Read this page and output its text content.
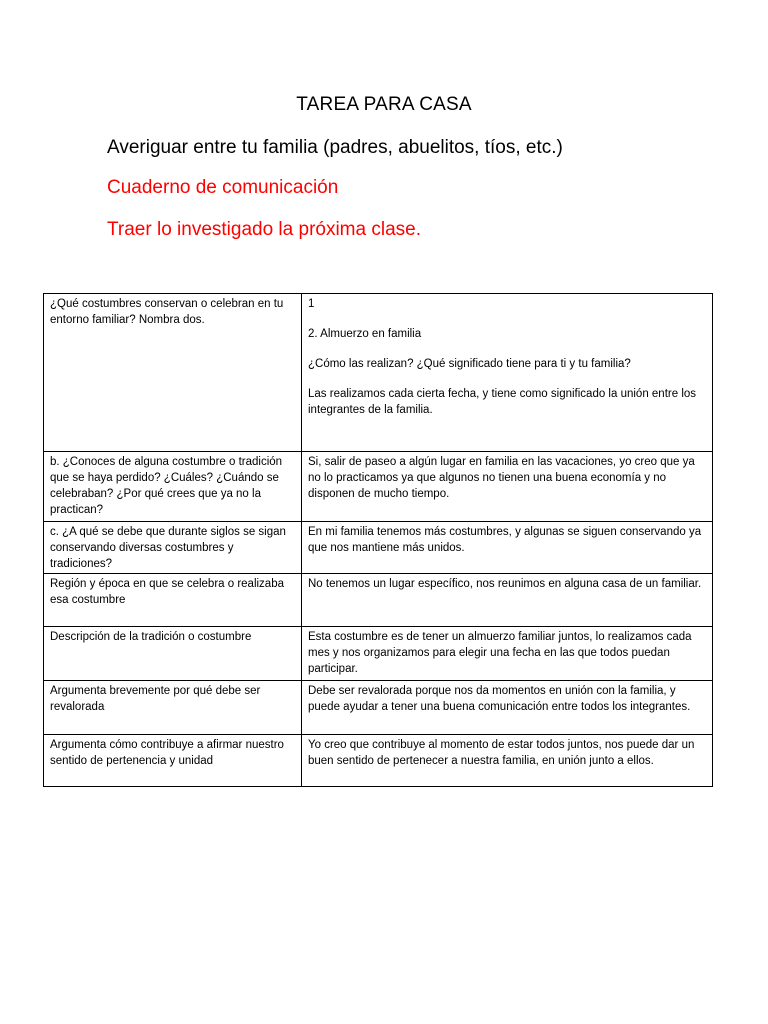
TAREA PARA CASA
Averiguar entre tu familia (padres, abuelitos, tíos, etc.)
Cuaderno de comunicación
Traer lo investigado la próxima clase.
¿Qué costumbres conservan o celebran en tu entorno familiar? Nombra dos.	1

2. Almuerzo en familia

¿Cómo las realizan? ¿Qué significado tiene para ti y tu familia?

Las realizamos cada cierta fecha, y tiene como significado la unión entre los integrantes de la familia.

b. ¿Conoces de alguna costumbre o tradición que se haya perdido? ¿Cuáles? ¿Cuándo se celebraban? ¿Por qué crees que ya no la practican?	Si, salir de paseo a algún lugar en familia en las vacaciones, yo creo que ya no lo practicamos ya que algunos no tienen una buena economía y no disponen de mucho tiempo.
c. ¿A qué se debe que durante siglos se sigan conservando diversas costumbres y tradiciones?	En mi familia tenemos más costumbres, y algunas se siguen conservando ya que nos mantiene más unidos.
Región y época en que se celebra o realizaba esa costumbre	No tenemos un lugar específico, nos reunimos en alguna casa de un familiar.
Descripción de la tradición o costumbre	Esta costumbre es de tener un almuerzo familiar juntos, lo realizamos cada mes y nos organizamos para elegir una fecha en las que todos puedan participar.
Argumenta brevemente por qué debe ser revalorada	Debe ser revalorada porque nos da momentos en unión con la familia, y puede ayudar a tener una buena comunicación entre todos los integrantes.
Argumenta cómo contribuye a afirmar nuestro sentido de pertenencia y unidad	Yo creo que contribuye al momento de estar todos juntos, nos puede dar un buen sentido de pertenecer a nuestra familia, en unión junto a ellos.
